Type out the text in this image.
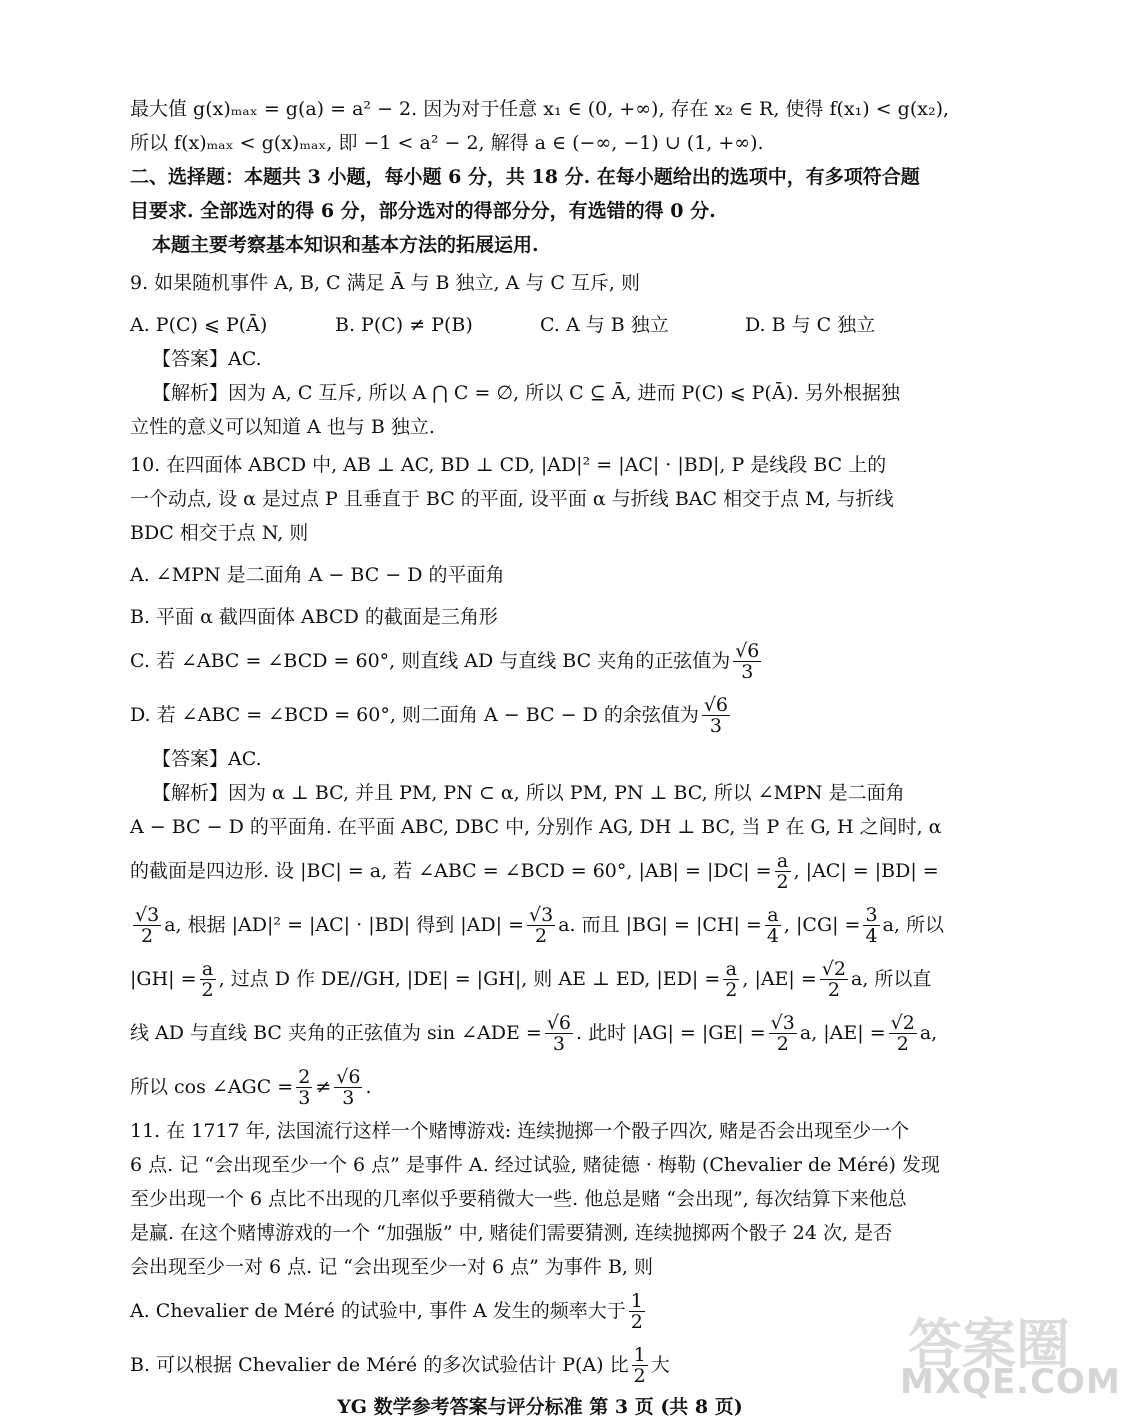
最大值 g(x)ₘₐₓ = g(a) = a² − 2. 因为对于任意 x₁ ∈ (0, +∞), 存在 x₂ ∈ R, 使得 f(x₁) < g(x₂),
所以 f(x)ₘₐₓ < g(x)ₘₐₓ, 即 −1 < a² − 2, 解得 a ∈ (−∞, −1) ∪ (1, +∞).
二、选择题：本题共 3 小题，每小题 6 分，共 18 分. 在每小题给出的选项中，有多项符合题
目要求. 全部选对的得 6 分，部分选对的得部分分，有选错的得 0 分.
本题主要考察基本知识和基本方法的拓展运用.
9. 如果随机事件 A, B, C 满足 Ā 与 B 独立, A 与 C 互斥, 则
A. P(C) ⩽ P(Ā)	B. P(C) ≠ P(B)	C. A 与 B 独立	D. B 与 C 独立
【答案】AC.
【解析】因为 A, C 互斥, 所以 A ⋂ C = ∅, 所以 C ⊆ Ā, 进而 P(C) ⩽ P(Ā). 另外根据独
立性的意义可以知道 A 也与 B 独立.
10. 在四面体 ABCD 中, AB ⊥ AC, BD ⊥ CD, |AD|² = |AC| · |BD|, P 是线段 BC 上的
一个动点, 设 α 是过点 P 且垂直于 BC 的平面, 设平面 α 与折线 BAC 相交于点 M, 与折线
BDC 相交于点 N, 则
A. ∠MPN 是二面角 A − BC − D 的平面角
B. 平面 α 截四面体 ABCD 的截面是三角形
C. 若 ∠ABC = ∠BCD = 60°, 则直线 AD 与直线 BC 夹角的正弦值为 $\frac{√6}{3}$
D. 若 ∠ABC = ∠BCD = 60°, 则二面角 A − BC − D 的余弦值为 $\frac{√6}{3}$
【答案】AC.
【解析】因为 α ⊥ BC, 并且 PM, PN ⊂ α, 所以 PM, PN ⊥ BC, 所以 ∠MPN 是二面角
A − BC − D 的平面角. 在平面 ABC, DBC 中, 分别作 AG, DH ⊥ BC, 当 P 在 G, H 之间时, α
的截面是四边形. 设 |BC| = a, 若 ∠ABC = ∠BCD = 60°, $|AB| = |DC| = \frac{a}{2}$ , |AC| = |BD| =
$\frac{√3}{2} a$, 根据 |AD|² = |AC| · |BD| 得到 $|AD| = \frac{√3}{2} a$. 而且 $|BG| = |CH| = \frac{a}{4}$ , $|CG| = \frac{3}{4} a$, 所以
$|GH| = \frac{a}{2}$ , 过点 D 作 DE//GH, |DE| = |GH|, 则 AE ⊥ ED, $|ED| = \frac{a}{2}$ , $|AE| = \frac{√2}{2} a$, 所以直
线 AD 与直线 BC 夹角的正弦值为 sin ∠ADE = $\frac{√6}{3}$ . 此时 $|AG| = |GE| = \frac{√3}{2} a$, $|AE| = \frac{√2}{2} a$,
所以 cos ∠AGC = $\frac{2}{3} \ne \frac{√6}{3}$ .
11. 在 1717 年, 法国流行这样一个赌博游戏: 连续抛掷一个骰子四次, 赌是否会出现至少一个
6 点. 记 “会出现至少一个 6 点” 是事件 A. 经过试验, 赌徒德 · 梅勒 (Chevalier de Méré) 发现
至少出现一个 6 点比不出现的几率似乎要稍微大一些. 他总是赌 “会出现”, 每次结算下来他总
是赢. 在这个赌博游戏的一个 “加强版” 中, 赌徒们需要猜测, 连续抛掷两个骰子 24 次, 是否
会出现至少一对 6 点. 记 “会出现至少一对 6 点” 为事件 B, 则
A. Chevalier de Méré 的试验中, 事件 A 发生的频率大于 $\frac{1}{2}$
B. 可以根据 Chevalier de Méré 的多次试验估计 P(A) 比 $\frac{1}{2}$ 大	答案圈
MXQE.COM
YG 数学参考答案与评分标准 第 3 页 (共 8 页)
